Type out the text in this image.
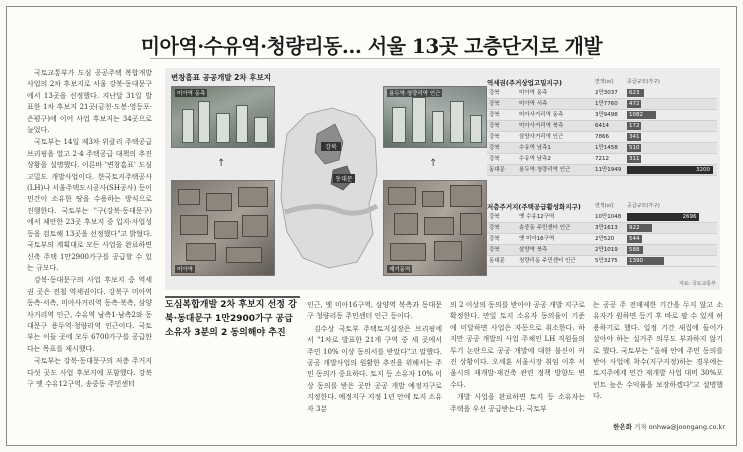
미아역·수유역·청량리동… 서울 13곳 고층단지로 개발

국토교통부가 도심 공공주택 복합개발 사업의 2차 후보지로 서울 강북·동대문구에서 13곳을 선정했다. 지난달 31일 발표한 1차 후보지 21곳(금천·도봉·영등포·은평구)에 이어 사업 후보지는 34곳으로 늘었다.

국토부는 14일 제3차 위클리 주택공급 브리핑을 열고 2·4 주택공급 대책의 추진 상황을 설명했다. 이른바 '변창흠표' 도심 고밀도 개발사업이다. 한국토지주택공사(LH)나 서울주택도시공사(SH공사) 등이 민간이 소유한 땅을 수용하는 방식으로 진행한다. 국토부는 "구(강북·동대문구)에서 제안한 23곳 후보지 중 입지·사업성 등을 검토해 13곳을 선정했다"고 밝혔다. 국토부의 계획대로 모든 사업을 완료하면 신축 주택 1만2900가구를 공급할 수 있는 규모다.

강북·동대문구의 사업 후보지 중 역세권 곳은 전철 역세권이다. 강북구 미아역 동측·서측, 미아사거리역 동측·북측, 삼양사거리역 인근, 수유역 남측1·남측2와 동대문구 용두역·청량리역 인근이다. 국토부는 이들 곳에 모두 6700가구를 공급한다는 목표를 제시했다.

국토부는 강북·동대문구의 저층 주거지 다섯 곳도 사업 후보지에 포함했다. 강북구 옛 수유12구역, 송중동 주민센터

변창흠표 공공개발 2차 후보지
미아역 동측	용두역·청량리역 인근
미아역	제기동역
↑	↑
강북
동대문
역세권(주거상업고밀지구)	면적(㎡)	공급규모(가구)
강북	미아역 동측	2만3037	623
강북	미아역 서측	1만7760	472
강북	미아사거리역 동측	3만9498	1082
강북	미아사거리역 북측	6414	172
강북	삼양사거리역 인근	7866	341
강북	수유역 남측1	1만1458	510
강북	수유역 남측2	7212	311
동대문	용두역·청량리역 인근	11만1949	3200
저층주거지(주택공급활성화지구)	면적(㎡)	공급규모(가구)
강북	옛 수유12구역	10만1048	2696
강북	송중동 주민센터 인근	3만1613	922
강북	옛 미아16구역	2만520	544
강북	삼양역 북측	2만1019	588
동대문	청량리동 주민센터 인근	5만3275	1390
자료: 국토교통부
도심복합개발 2차 후보지 선정 강북·동대문구 1만2900가구 공급 소유자 3분의 2 동의해야 추진

인근, 옛 미아16구역, 삼양역 북측과 동대문구 청량리동 주민센터 인근 등이다.

김수상 국토부 주택토지실장은 브리핑에서 "1차로 발표한 21개 구역 중 세 곳에서 주민 10% 이상 동의서를 받았다"고 말했다. 공공 개발사업의 원활한 추진을 위해서는 주민 동의가 중요하다. 토지 등 소유자 10% 이상 동의를 받은 곳만 공공 개발 예정지구로 지정한다. 예정지구 지정 1년 안에 토지 소유자 3분

의 2 이상의 동의를 받아야 공공 개발 지구로 확정한다. 만일 토지 소유자 동의율이 기준에 미달하면 사업은 자동으로 취소한다. 하지만 공공 개발의 사업 주체인 LH 직원들의 투기 논란으로 공공 개발에 대한 불신이 커진 상황이다. 오세훈 서울시장 취임 이후 서울시의 재개발·재건축 관련 정책 방향도 변수다.

개발 사업을 완료하면 토지 등 소유자는 주택을 우선 공급받는다. 국토부

는 공공 주 전매제한 기간을 두지 않고 소유자가 원하면 등기 후 바로 팔 수 있게 허용하기로 했다. 일정 기간 새집에 들어가 살아야 하는 실거주 의무도 부과하지 않기로 했다. 국토부는 "올해 안에 주민 동의를 받아 사업에 착수(지구지정)하는 경우에는 토지주에게 민간 재개발 사업 대비 30%포인트 높은 수익률을 보장하겠다"고 설명했다.

한은화 기자 onhwa@joongang.co.kr
